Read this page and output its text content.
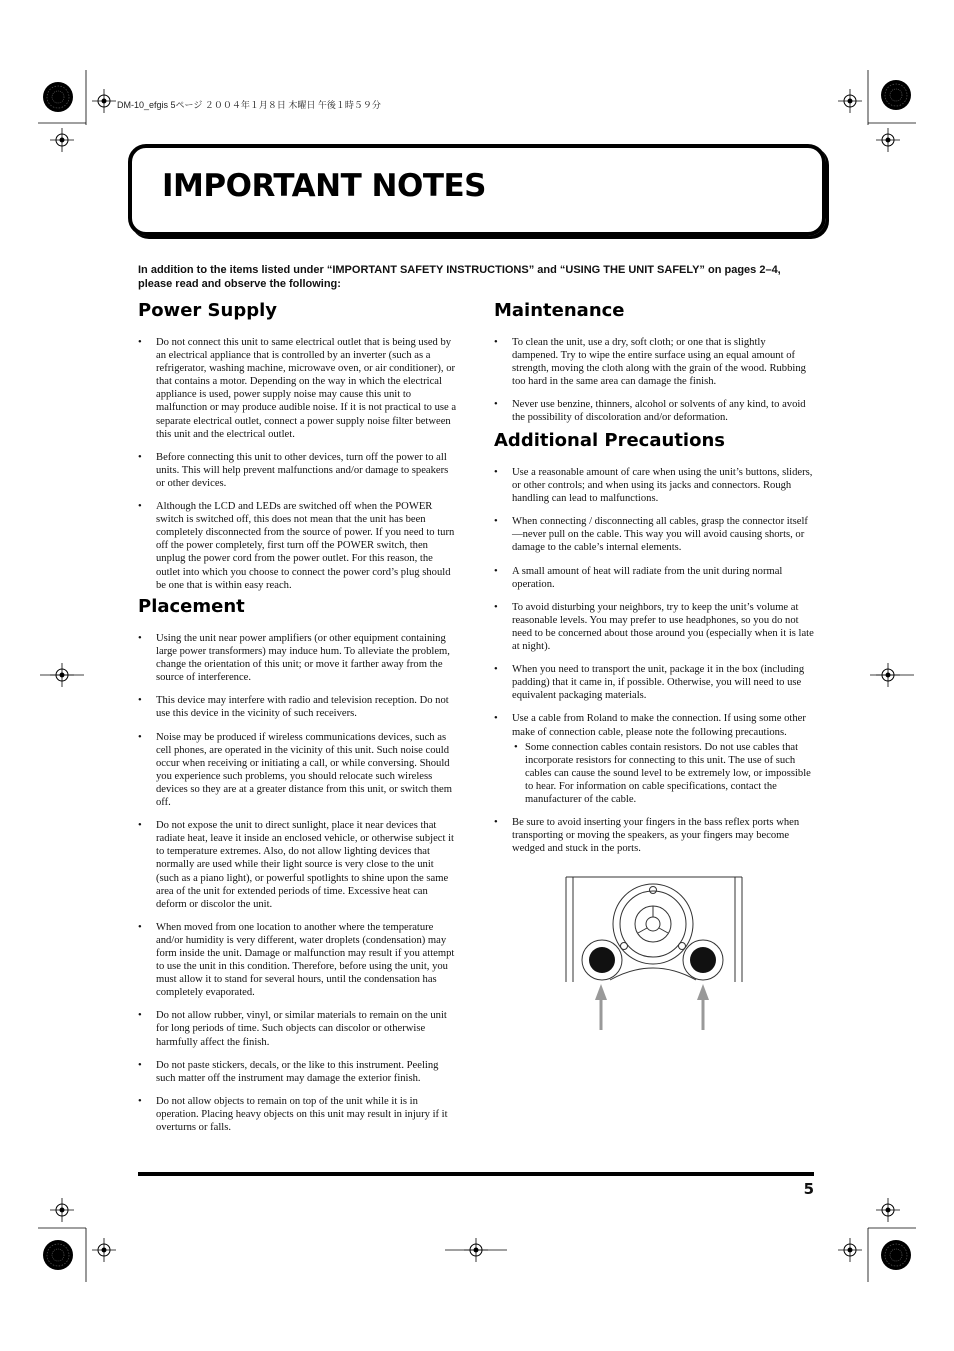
DM-10_efgis 5ページ ２００４年１月８日 木曜日 午後１時５９分
IMPORTANT NOTES
In addition to the items listed under “IMPORTANT SAFETY INSTRUCTIONS” and “USING THE UNIT SAFELY” on pages 2–4, please read and observe the following:
Power Supply
• Do not connect this unit to same electrical outlet that is being used by an electrical appliance that is controlled by an inverter (such as a refrigerator, washing machine, microwave oven, or air conditioner), or that contains a motor. Depending on the way in which the electrical appliance is used, power supply noise may cause this unit to malfunction or may produce audible noise. If it is not practical to use a separate electrical outlet, connect a power supply noise filter between this unit and the electrical outlet.
• Before connecting this unit to other devices, turn off the power to all units. This will help prevent malfunctions and/or damage to speakers or other devices.
• Although the LCD and LEDs are switched off when the POWER switch is switched off, this does not mean that the unit has been completely disconnected from the source of power. If you need to turn off the power completely, first turn off the POWER switch, then unplug the power cord from the power outlet. For this reason, the outlet into which you choose to connect the power cord’s plug should be one that is within easy reach.
Placement
• Using the unit near power amplifiers (or other equipment containing large power transformers) may induce hum. To alleviate the problem, change the orientation of this unit; or move it farther away from the source of interference.
• This device may interfere with radio and television reception. Do not use this device in the vicinity of such receivers.
• Noise may be produced if wireless communications devices, such as cell phones, are operated in the vicinity of this unit. Such noise could occur when receiving or initiating a call, or while conversing. Should you experience such problems, you should relocate such wireless devices so they are at a greater distance from this unit, or switch them off.
• Do not expose the unit to direct sunlight, place it near devices that radiate heat, leave it inside an enclosed vehicle, or otherwise subject it to temperature extremes. Also, do not allow lighting devices that normally are used while their light source is very close to the unit (such as a piano light), or powerful spotlights to shine upon the same area of the unit for extended periods of time. Excessive heat can deform or discolor the unit.
• When moved from one location to another where the temperature and/or humidity is very different, water droplets (condensation) may form inside the unit. Damage or malfunction may result if you attempt to use the unit in this condition. Therefore, before using the unit, you must allow it to stand for several hours, until the condensation has completely evaporated.
• Do not allow rubber, vinyl, or similar materials to remain on the unit for long periods of time. Such objects can discolor or otherwise harmfully affect the finish.
• Do not paste stickers, decals, or the like to this instrument. Peeling such matter off the instrument may damage the exterior finish.
• Do not allow objects to remain on top of the unit while it is in operation. Placing heavy objects on this unit may result in injury if it overturns or falls.
Maintenance
• To clean the unit, use a dry, soft cloth; or one that is slightly dampened. Try to wipe the entire surface using an equal amount of strength, moving the cloth along with the grain of the wood. Rubbing too hard in the same area can damage the finish.
• Never use benzine, thinners, alcohol or solvents of any kind, to avoid the possibility of discoloration and/or deformation.
Additional Precautions
• Use a reasonable amount of care when using the unit’s buttons, sliders, or other controls; and when using its jacks and connectors. Rough handling can lead to malfunctions.
• When connecting / disconnecting all cables, grasp the connector itself—never pull on the cable. This way you will avoid causing shorts, or damage to the cable’s internal elements.
• A small amount of heat will radiate from the unit during normal operation.
• To avoid disturbing your neighbors, try to keep the unit’s volume at reasonable levels. You may prefer to use headphones, so you do not need to be concerned about those around you (especially when it is late at night).
• When you need to transport the unit, package it in the box (including padding) that it came in, if possible. Otherwise, you will need to use equivalent packaging materials.
• Use a cable from Roland to make the connection. If using some other make of connection cable, please note the following precautions.
• Some connection cables contain resistors. Do not use cables that incorporate resistors for connecting to this unit. The use of such cables can cause the sound level to be extremely low, or impossible to hear. For information on cable specifications, contact the manufacturer of the cable.
• Be sure to avoid inserting your fingers in the bass reflex ports when transporting or moving the speakers, as your fingers may become wedged and stuck in the ports.
5
